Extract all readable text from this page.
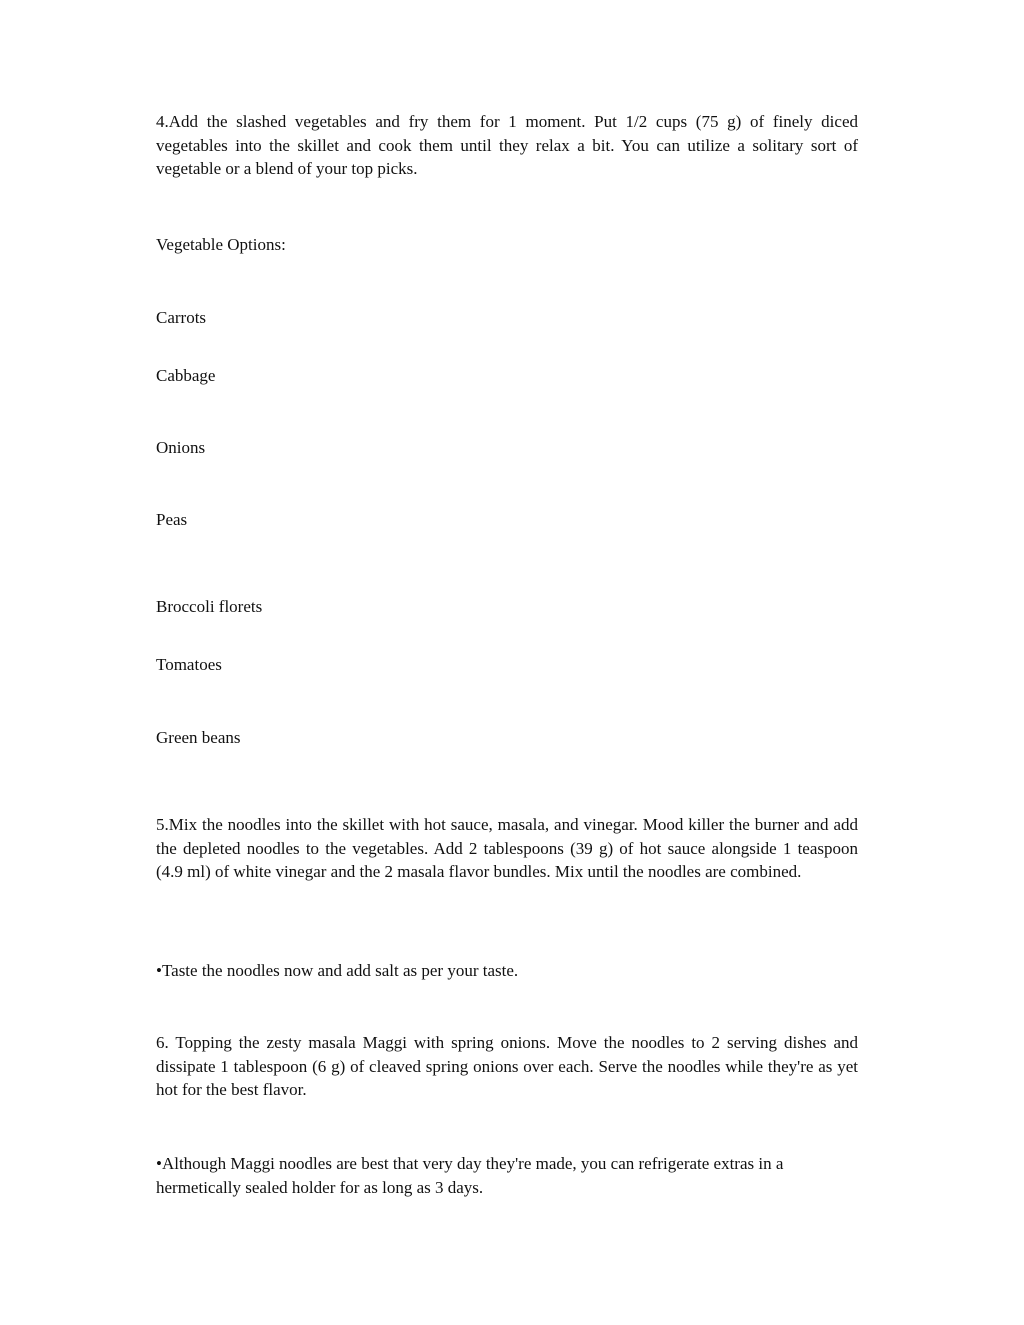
4.Add the slashed vegetables and fry them for 1 moment. Put 1/2 cups (75 g) of finely diced vegetables into the skillet and cook them until they relax a bit. You can utilize a solitary sort of vegetable or a blend of your top picks.

Vegetable Options:

Carrots

Cabbage

Onions

Peas

Broccoli florets

Tomatoes

Green beans

5.Mix the noodles into the skillet with hot sauce, masala, and vinegar. Mood killer the burner and add the depleted noodles to the vegetables. Add 2 tablespoons (39 g) of hot sauce alongside 1 teaspoon (4.9 ml) of white vinegar and the 2 masala flavor bundles. Mix until the noodles are combined.

•Taste the noodles now and add salt as per your taste.

6. Topping the zesty masala Maggi with spring onions. Move the noodles to 2 serving dishes and dissipate 1 tablespoon (6 g) of cleaved spring onions over each. Serve the noodles while they're as yet hot for the best flavor.

•Although Maggi noodles are best that very day they're made, you can refrigerate extras in a hermetically sealed holder for as long as 3 days.
